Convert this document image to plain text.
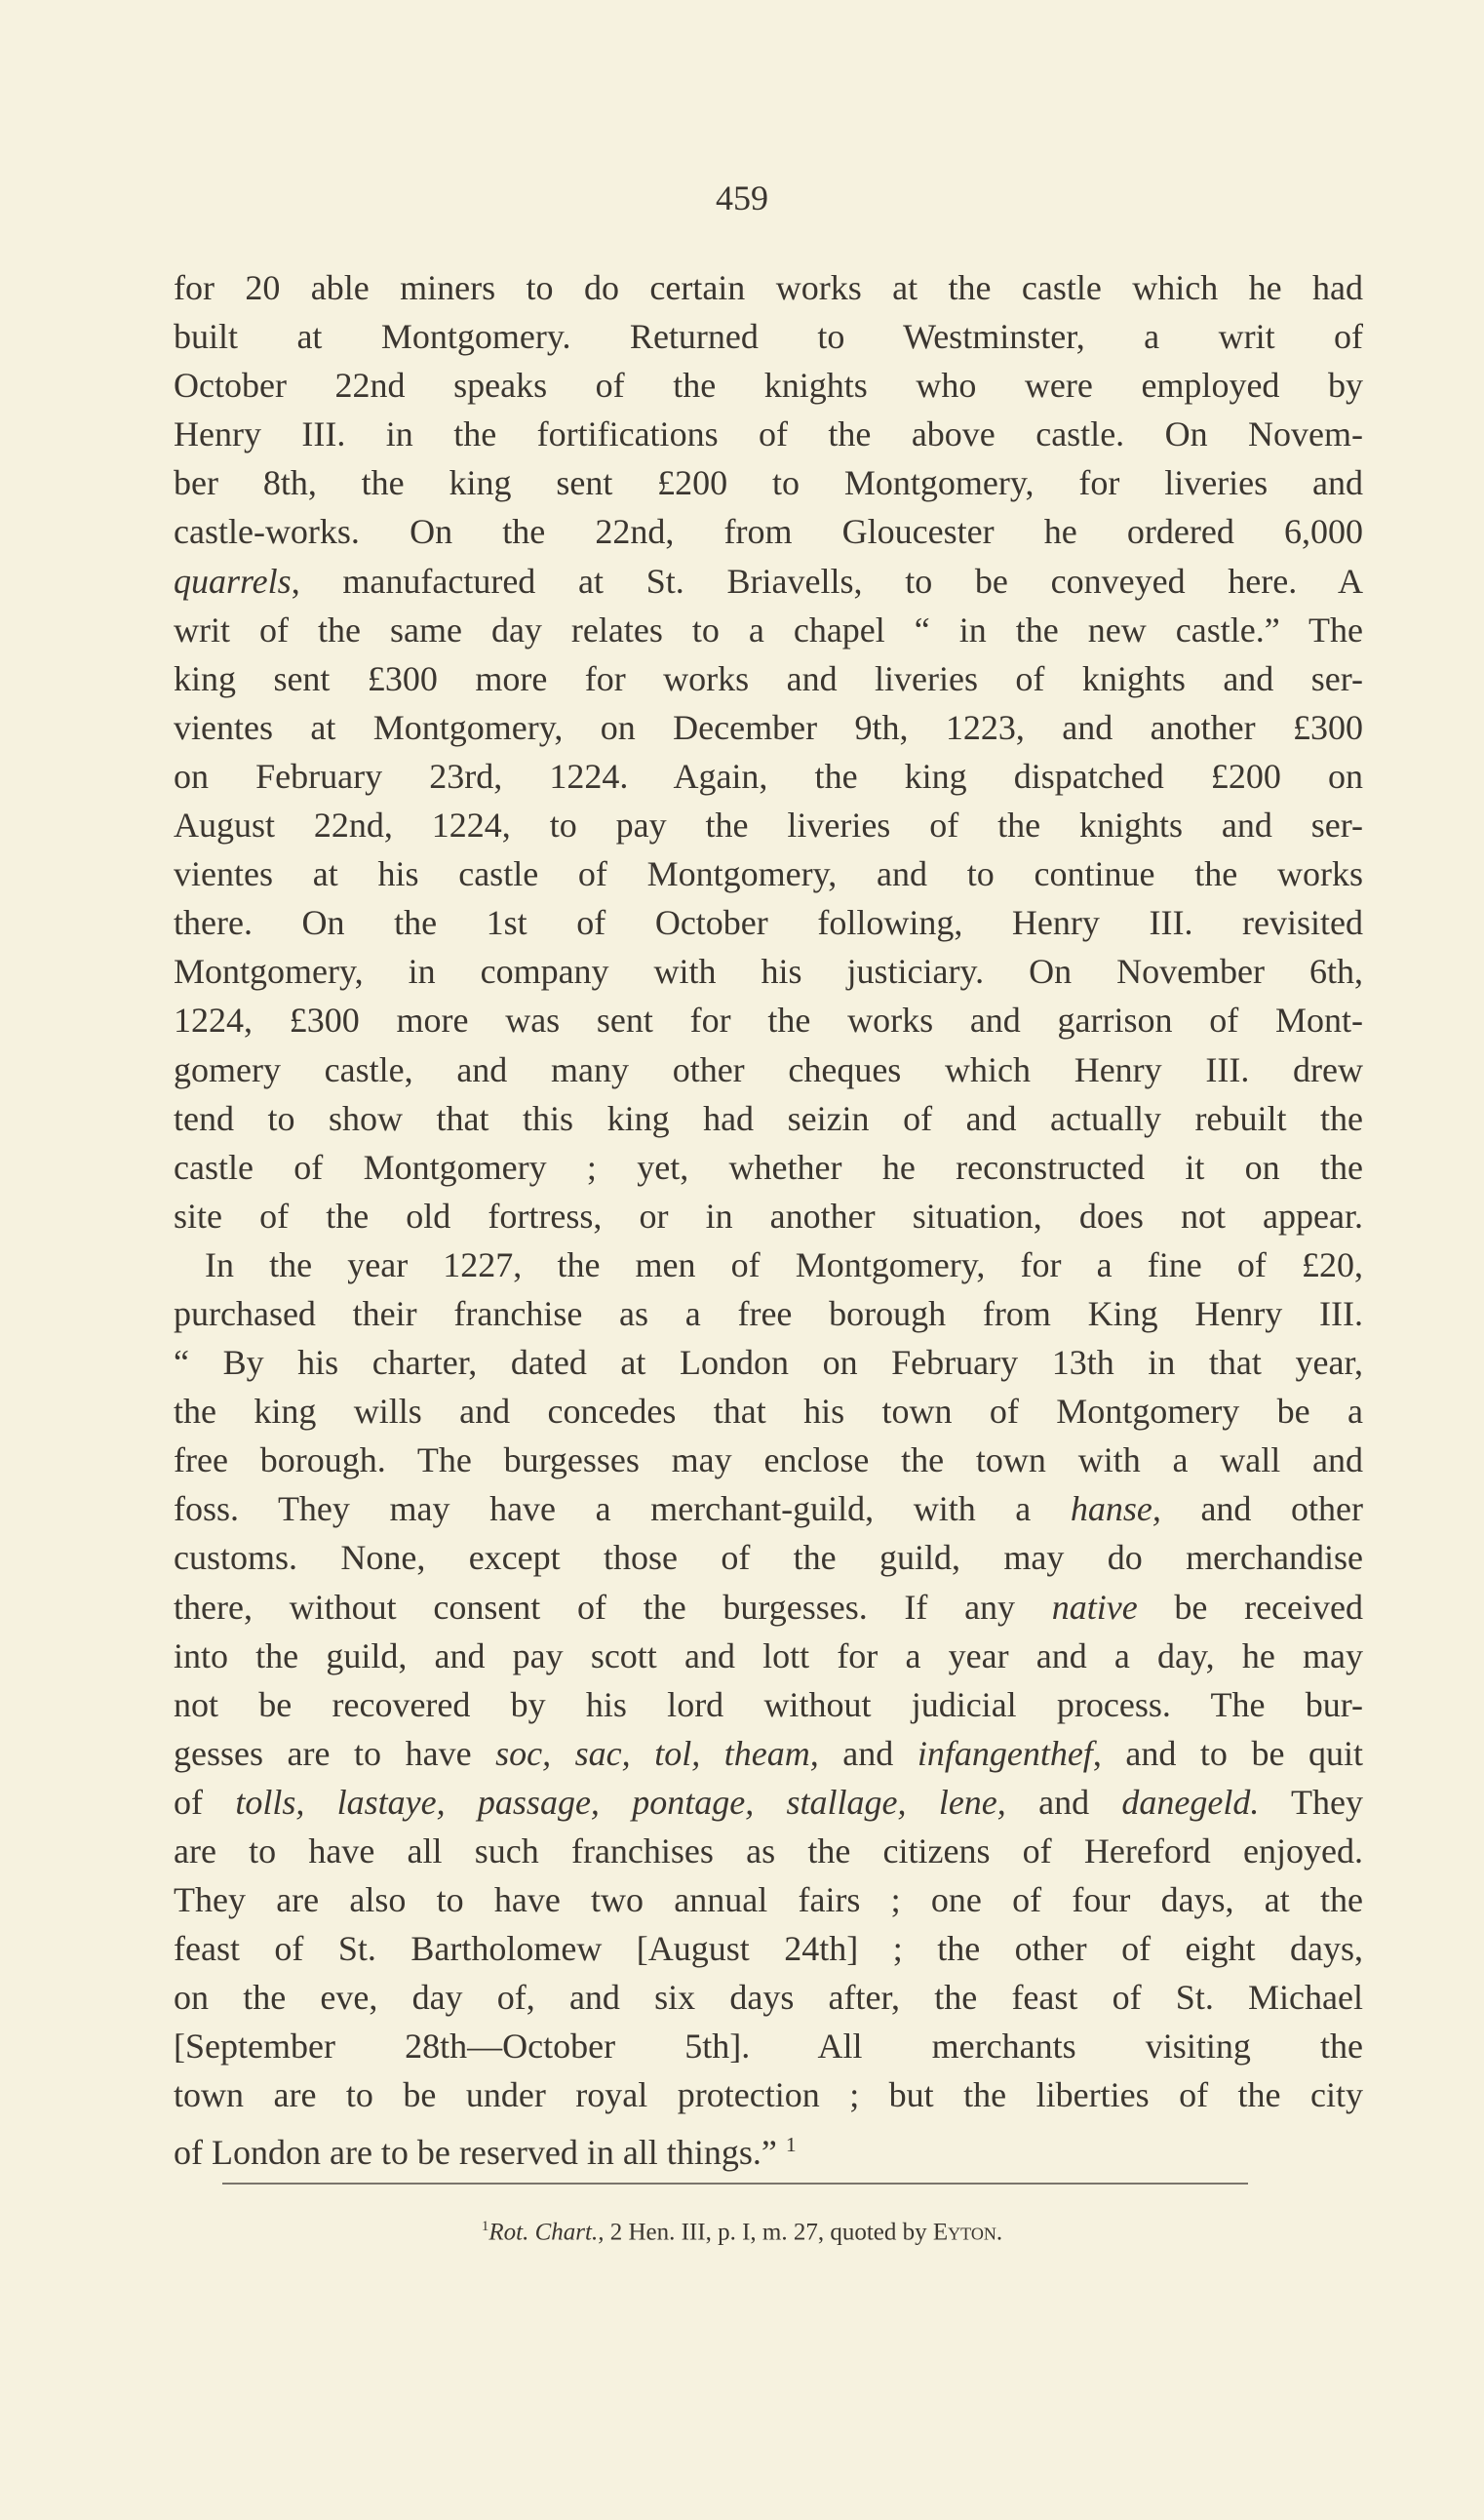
459
for 20 able miners to do certain works at the castle which he had
built at Montgomery. Returned to Westminster, a writ of
October 22nd speaks of the knights who were employed by
Henry III. in the fortifications of the above castle. On Novem-
ber 8th, the king sent £200 to Montgomery, for liveries and
castle-works. On the 22nd, from Gloucester he ordered 6,000
quarrels, manufactured at St. Briavells, to be conveyed here. A
writ of the same day relates to a chapel “ in the new castle.” The
king sent £300 more for works and liveries of knights and ser-
vientes at Montgomery, on December 9th, 1223, and another £300
on February 23rd, 1224. Again, the king dispatched £200 on
August 22nd, 1224, to pay the liveries of the knights and ser-
vientes at his castle of Montgomery, and to continue the works
there. On the 1st of October following, Henry III. revisited
Montgomery, in company with his justiciary. On November 6th,
1224, £300 more was sent for the works and garrison of Mont-
gomery castle, and many other cheques which Henry III. drew
tend to show that this king had seizin of and actually rebuilt the
castle of Montgomery ; yet, whether he reconstructed it on the
site of the old fortress, or in another situation, does not appear.
In the year 1227, the men of Montgomery, for a fine of £20,
purchased their franchise as a free borough from King Henry III.
“ By his charter, dated at London on February 13th in that year,
the king wills and concedes that his town of Montgomery be a
free borough. The burgesses may enclose the town with a wall and
foss. They may have a merchant-guild, with a hanse, and other
customs. None, except those of the guild, may do merchandise
there, without consent of the burgesses. If any native be received
into the guild, and pay scott and lott for a year and a day, he may
not be recovered by his lord without judicial process. The bur-
gesses are to have soc, sac, tol, theam, and infangenthef, and to be quit
of tolls, lastaye, passage, pontage, stallage, lene, and danegeld. They
are to have all such franchises as the citizens of Hereford enjoyed.
They are also to have two annual fairs ; one of four days, at the
feast of St. Bartholomew [August 24th] ; the other of eight days,
on the eve, day of, and six days after, the feast of St. Michael
[September 28th—October 5th]. All merchants visiting the
town are to be under royal protection ; but the liberties of the city
of London are to be reserved in all things.” $^1$
$^1$Rot. Chart., 2 Hen. III, p. I, m. 27, quoted by Eyton.
